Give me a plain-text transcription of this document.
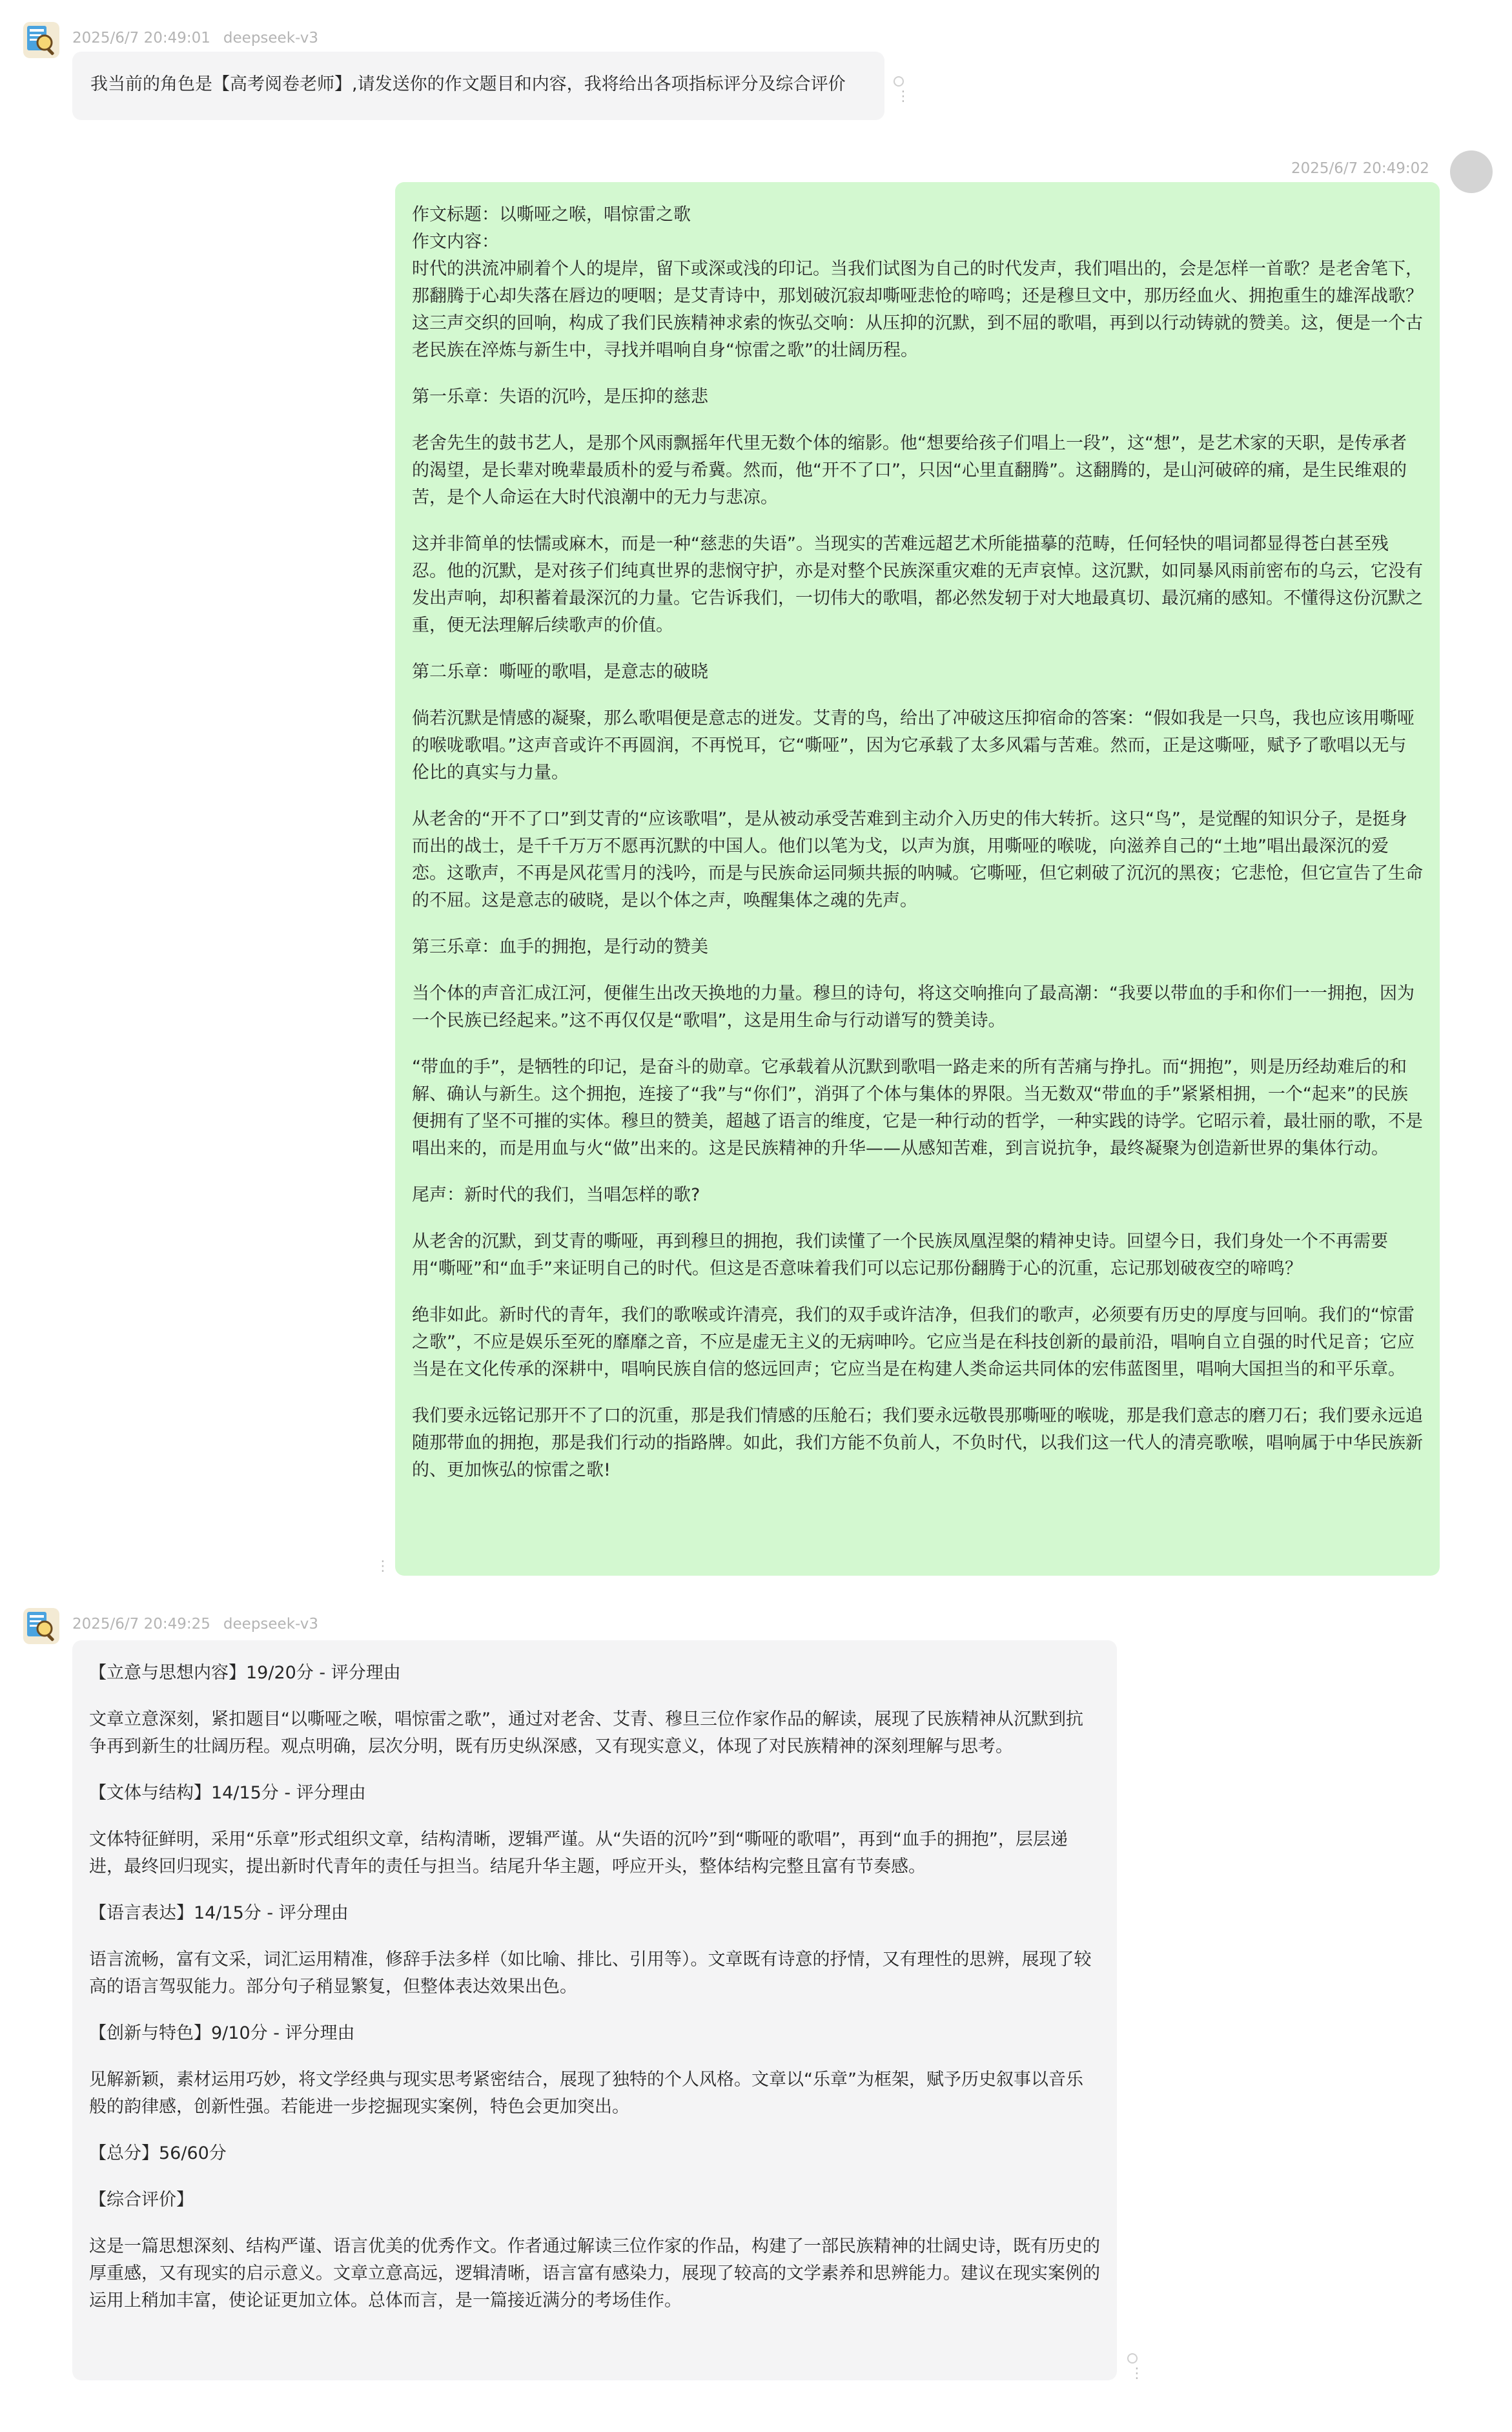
2025/6/7 20:49:01 deepseek-v3

我当前的角色是【高考阅卷老师】,请发送你的作文题目和内容，我将给出各项指标评分及综合评价

⋮
2025/6/7 20:49:02

作文标题：以嘶哑之喉，唱惊雷之歌

作文内容：

时代的洪流冲刷着个人的堤岸，留下或深或浅的印记。当我们试图为自己的时代发声，我们唱出的，会是怎样一首歌？是老舍笔下，那翻腾于心却失落在唇边的哽咽；是艾青诗中，那划破沉寂却嘶哑悲怆的啼鸣；还是穆旦文中，那历经血火、拥抱重生的雄浑战歌？这三声交织的回响，构成了我们民族精神求索的恢弘交响：从压抑的沉默，到不屈的歌唱，再到以行动铸就的赞美。这，便是一个古老民族在淬炼与新生中，寻找并唱响自身“惊雷之歌”的壮阔历程。

第一乐章：失语的沉吟，是压抑的慈悲

老舍先生的鼓书艺人，是那个风雨飘摇年代里无数个体的缩影。他“想要给孩子们唱上一段”，这“想”，是艺术家的天职，是传承者的渴望，是长辈对晚辈最质朴的爱与希冀。然而，他“开不了口”，只因“心里直翻腾”。这翻腾的，是山河破碎的痛，是生民维艰的苦，是个人命运在大时代浪潮中的无力与悲凉。

这并非简单的怯懦或麻木，而是一种“慈悲的失语”。当现实的苦难远超艺术所能描摹的范畴，任何轻快的唱词都显得苍白甚至残忍。他的沉默，是对孩子们纯真世界的悲悯守护，亦是对整个民族深重灾难的无声哀悼。这沉默，如同暴风雨前密布的乌云，它没有发出声响，却积蓄着最深沉的力量。它告诉我们，一切伟大的歌唱，都必然发轫于对大地最真切、最沉痛的感知。不懂得这份沉默之重，便无法理解后续歌声的价值。

第二乐章：嘶哑的歌唱，是意志的破晓

倘若沉默是情感的凝聚，那么歌唱便是意志的迸发。艾青的鸟，给出了冲破这压抑宿命的答案：“假如我是一只鸟，我也应该用嘶哑的喉咙歌唱。”这声音或许不再圆润，不再悦耳，它“嘶哑”，因为它承载了太多风霜与苦难。然而，正是这嘶哑，赋予了歌唱以无与伦比的真实与力量。

从老舍的“开不了口”到艾青的“应该歌唱”，是从被动承受苦难到主动介入历史的伟大转折。这只“鸟”，是觉醒的知识分子，是挺身而出的战士，是千千万万不愿再沉默的中国人。他们以笔为戈，以声为旗，用嘶哑的喉咙，向滋养自己的“土地”唱出最深沉的爱恋。这歌声，不再是风花雪月的浅吟，而是与民族命运同频共振的呐喊。它嘶哑，但它刺破了沉沉的黑夜；它悲怆，但它宣告了生命的不屈。这是意志的破晓，是以个体之声，唤醒集体之魂的先声。

第三乐章：血手的拥抱，是行动的赞美

当个体的声音汇成江河，便催生出改天换地的力量。穆旦的诗句，将这交响推向了最高潮：“我要以带血的手和你们一一拥抱，因为一个民族已经起来。”这不再仅仅是“歌唱”，这是用生命与行动谱写的赞美诗。

“带血的手”，是牺牲的印记，是奋斗的勋章。它承载着从沉默到歌唱一路走来的所有苦痛与挣扎。而“拥抱”，则是历经劫难后的和解、确认与新生。这个拥抱，连接了“我”与“你们”，消弭了个体与集体的界限。当无数双“带血的手”紧紧相拥，一个“起来”的民族便拥有了坚不可摧的实体。穆旦的赞美，超越了语言的维度，它是一种行动的哲学，一种实践的诗学。它昭示着，最壮丽的歌，不是唱出来的，而是用血与火“做”出来的。这是民族精神的升华——从感知苦难，到言说抗争，最终凝聚为创造新世界的集体行动。

尾声：新时代的我们，当唱怎样的歌?

从老舍的沉默，到艾青的嘶哑，再到穆旦的拥抱，我们读懂了一个民族凤凰涅槃的精神史诗。回望今日，我们身处一个不再需要用“嘶哑”和“血手”来证明自己的时代。但这是否意味着我们可以忘记那份翻腾于心的沉重，忘记那划破夜空的啼鸣？

绝非如此。新时代的青年，我们的歌喉或许清亮，我们的双手或许洁净，但我们的歌声，必须要有历史的厚度与回响。我们的“惊雷之歌”，不应是娱乐至死的靡靡之音，不应是虚无主义的无病呻吟。它应当是在科技创新的最前沿，唱响自立自强的时代足音；它应当是在文化传承的深耕中，唱响民族自信的悠远回声；它应当是在构建人类命运共同体的宏伟蓝图里，唱响大国担当的和平乐章。

我们要永远铭记那开不了口的沉重，那是我们情感的压舱石；我们要永远敬畏那嘶哑的喉咙，那是我们意志的磨刀石；我们要永远追随那带血的拥抱，那是我们行动的指路牌。如此，我们方能不负前人，不负时代，以我们这一代人的清亮歌喉，唱响属于中华民族新的、更加恢弘的惊雷之歌!

⋮
2025/6/7 20:49:25 deepseek-v3

【立意与思想内容】19/20分 - 评分理由

文章立意深刻，紧扣题目“以嘶哑之喉，唱惊雷之歌”，通过对老舍、艾青、穆旦三位作家作品的解读，展现了民族精神从沉默到抗争再到新生的壮阔历程。观点明确，层次分明，既有历史纵深感，又有现实意义，体现了对民族精神的深刻理解与思考。

【文体与结构】14/15分 - 评分理由

文体特征鲜明，采用“乐章”形式组织文章，结构清晰，逻辑严谨。从“失语的沉吟”到“嘶哑的歌唱”，再到“血手的拥抱”，层层递进，最终回归现实，提出新时代青年的责任与担当。结尾升华主题，呼应开头，整体结构完整且富有节奏感。

【语言表达】14/15分 - 评分理由

语言流畅，富有文采，词汇运用精准，修辞手法多样（如比喻、排比、引用等）。文章既有诗意的抒情，又有理性的思辨，展现了较高的语言驾驭能力。部分句子稍显繁复，但整体表达效果出色。

【创新与特色】9/10分 - 评分理由

见解新颖，素材运用巧妙，将文学经典与现实思考紧密结合，展现了独特的个人风格。文章以“乐章”为框架，赋予历史叙事以音乐般的韵律感，创新性强。若能进一步挖掘现实案例，特色会更加突出。

【总分】56/60分

【综合评价】

这是一篇思想深刻、结构严谨、语言优美的优秀作文。作者通过解读三位作家的作品，构建了一部民族精神的壮阔史诗，既有历史的厚重感，又有现实的启示意义。文章立意高远，逻辑清晰，语言富有感染力，展现了较高的文学素养和思辨能力。建议在现实案例的运用上稍加丰富，使论证更加立体。总体而言，是一篇接近满分的考场佳作。

⋮
